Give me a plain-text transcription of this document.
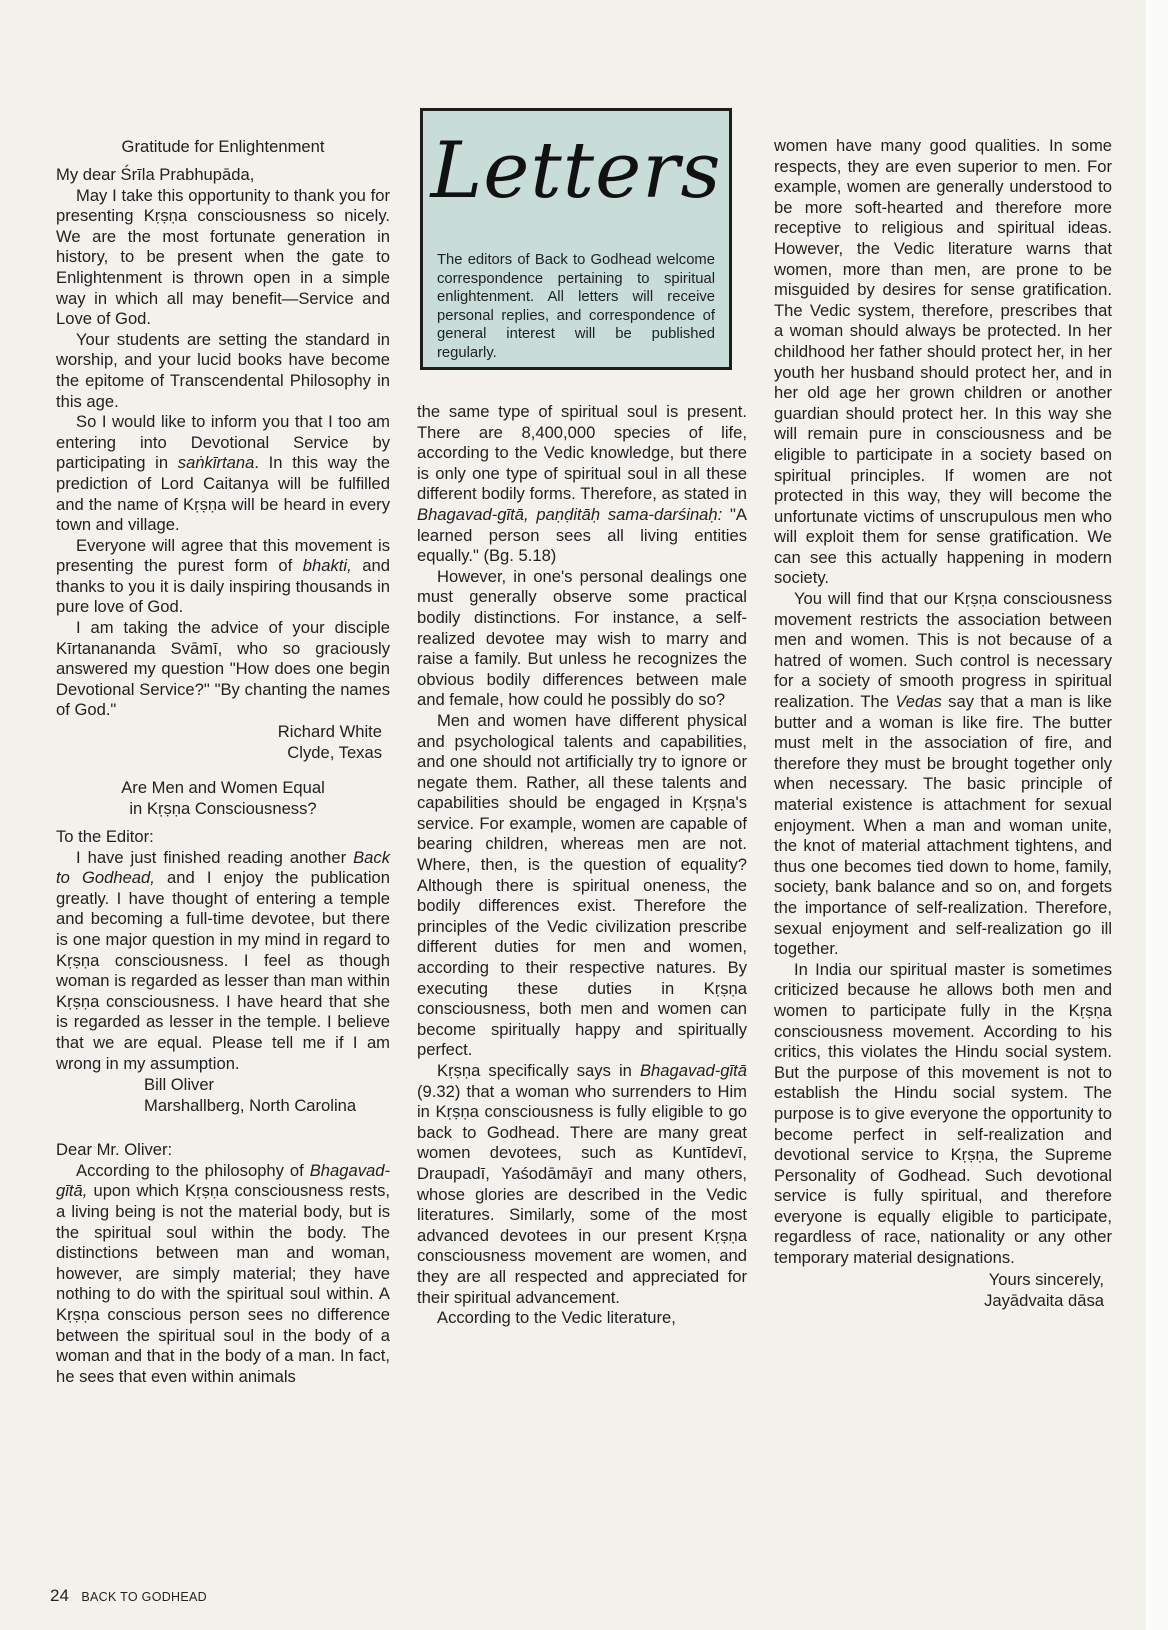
Letters
The editors of Back to Godhead welcome correspondence pertaining to spiritual enlightenment. All letters will receive personal replies, and correspondence of general interest will be published regularly.
Gratitude for Enlightenment

My dear Śrīla Prabhupāda,

May I take this opportunity to thank you for presenting Kṛṣṇa consciousness so nicely. We are the most fortunate generation in history, to be present when the gate to Enlightenment is thrown open in a simple way in which all may benefit—Service and Love of God.

Your students are setting the standard in worship, and your lucid books have become the epitome of Transcendental Philosophy in this age.

So I would like to inform you that I too am entering into Devotional Service by participating in saṅkīrtana. In this way the prediction of Lord Caitanya will be fulfilled and the name of Kṛṣṇa will be heard in every town and village.

Everyone will agree that this movement is presenting the purest form of bhakti, and thanks to you it is daily inspiring thousands in pure love of God.

I am taking the advice of your disciple Kīrtanananda Svāmī, who so graciously answered my question "How does one begin Devotional Service?" "By chanting the names of God."

Richard White
Clyde, Texas
Are Men and Women Equal
in Kṛṣṇa Consciousness?

To the Editor:

I have just finished reading another Back to Godhead, and I enjoy the publication greatly. I have thought of entering a temple and becoming a full-time devotee, but there is one major question in my mind in regard to Kṛṣṇa consciousness. I feel as though woman is regarded as lesser than man within Kṛṣṇa consciousness. I have heard that she is regarded as lesser in the temple. I believe that we are equal. Please tell me if I am wrong in my assumption.

Bill Oliver
Marshallberg, North Carolina

Dear Mr. Oliver:

According to the philosophy of Bhagavad-gītā, upon which Kṛṣṇa consciousness rests, a living being is not the material body, but is the spiritual soul within the body. The distinctions between man and woman, however, are simply material; they have nothing to do with the spiritual soul within. A Kṛṣṇa conscious person sees no difference between the spiritual soul in the body of a woman and that in the body of a man. In fact, he sees that even within animals

the same type of spiritual soul is present. There are 8,400,000 species of life, according to the Vedic knowledge, but there is only one type of spiritual soul in all these different bodily forms. Therefore, as stated in Bhagavad-gītā, paṇḍitāḥ sama-darśinaḥ: "A learned person sees all living entities equally." (Bg. 5.18)

However, in one's personal dealings one must generally observe some practical bodily distinctions. For instance, a self-realized devotee may wish to marry and raise a family. But unless he recognizes the obvious bodily differences between male and female, how could he possibly do so?

Men and women have different physical and psychological talents and capabilities, and one should not artificially try to ignore or negate them. Rather, all these talents and capabilities should be engaged in Kṛṣṇa's service. For example, women are capable of bearing children, whereas men are not. Where, then, is the question of equality? Although there is spiritual oneness, the bodily differences exist. Therefore the principles of the Vedic civilization prescribe different duties for men and women, according to their respective natures. By executing these duties in Kṛṣṇa consciousness, both men and women can become spiritually happy and spiritually perfect.

Kṛṣṇa specifically says in Bhagavad-gītā (9.32) that a woman who surrenders to Him in Kṛṣṇa consciousness is fully eligible to go back to Godhead. There are many great women devotees, such as Kuntīdevī, Draupadī, Yaśodāmāyī and many others, whose glories are described in the Vedic literatures. Similarly, some of the most advanced devotees in our present Kṛṣṇa consciousness movement are women, and they are all respected and appreciated for their spiritual advancement.

According to the Vedic literature,

women have many good qualities. In some respects, they are even superior to men. For example, women are generally understood to be more soft-hearted and therefore more receptive to religious and spiritual ideas. However, the Vedic literature warns that women, more than men, are prone to be misguided by desires for sense gratification. The Vedic system, therefore, prescribes that a woman should always be protected. In her childhood her father should protect her, in her youth her husband should protect her, and in her old age her grown children or another guardian should protect her. In this way she will remain pure in consciousness and be eligible to participate in a society based on spiritual principles. If women are not protected in this way, they will become the unfortunate victims of unscrupulous men who will exploit them for sense gratification. We can see this actually happening in modern society.

You will find that our Kṛṣṇa consciousness movement restricts the association between men and women. This is not because of a hatred of women. Such control is necessary for a society of smooth progress in spiritual realization. The Vedas say that a man is like butter and a woman is like fire. The butter must melt in the association of fire, and therefore they must be brought together only when necessary. The basic principle of material existence is attachment for sexual enjoyment. When a man and woman unite, the knot of material attachment tightens, and thus one becomes tied down to home, family, society, bank balance and so on, and forgets the importance of self-realization. Therefore, sexual enjoyment and self-realization go ill together.

In India our spiritual master is sometimes criticized because he allows both men and women to participate fully in the Kṛṣṇa consciousness movement. According to his critics, this violates the Hindu social system. But the purpose of this movement is not to establish the Hindu social system. The purpose is to give everyone the opportunity to become perfect in self-realization and devotional service to Kṛṣṇa, the Supreme Personality of Godhead. Such devotional service is fully spiritual, and therefore everyone is equally eligible to participate, regardless of race, nationality or any other temporary material designations.

Yours sincerely,
Jayādvaita dāsa
24 BACK TO GODHEAD
